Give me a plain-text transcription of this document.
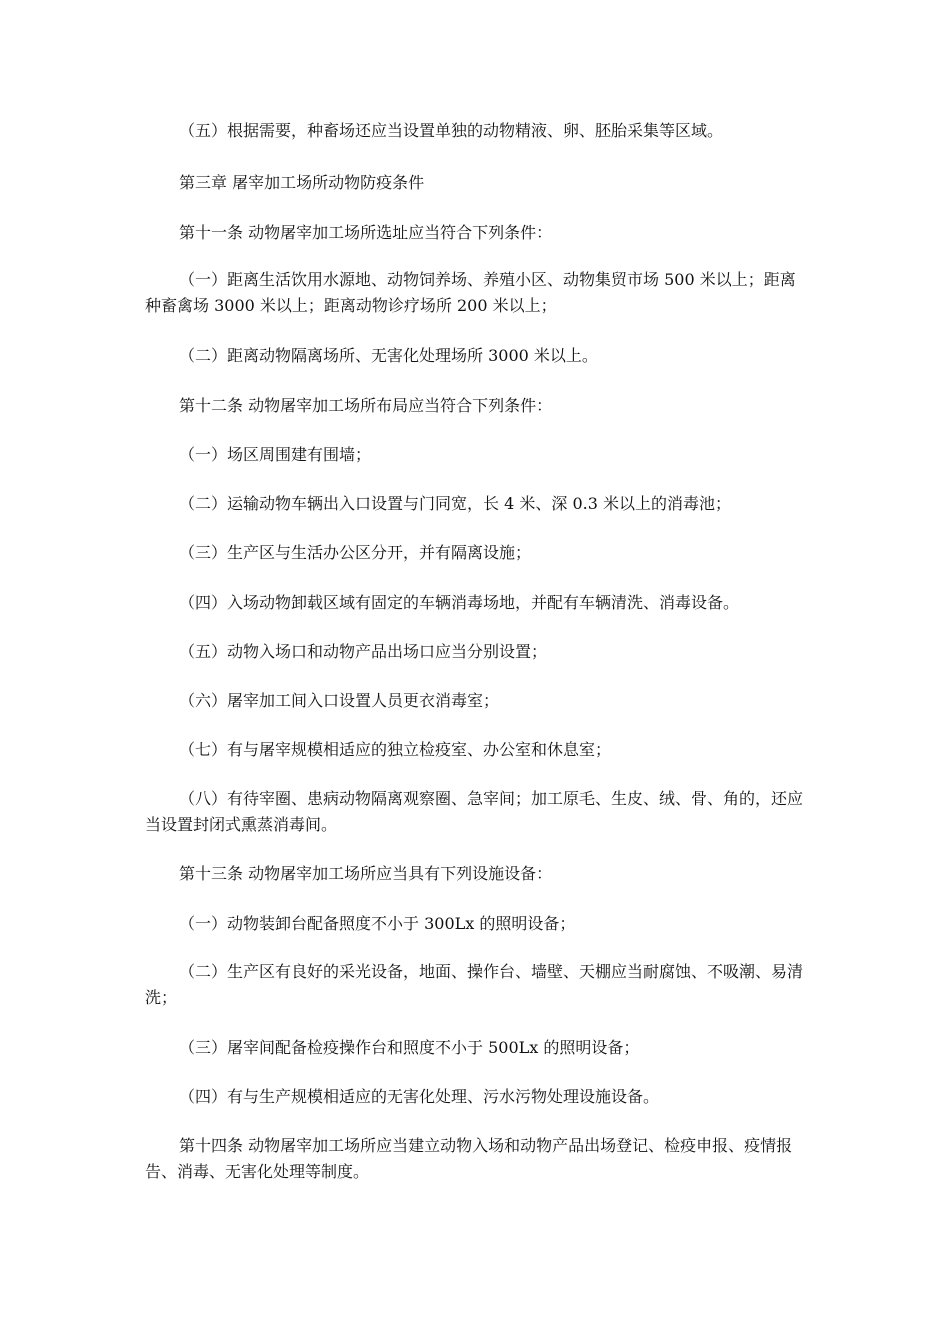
（五）根据需要，种畜场还应当设置单独的动物精液、卵、胚胎采集等区域。

第三章 屠宰加工场所动物防疫条件

第十一条 动物屠宰加工场所选址应当符合下列条件：

（一）距离生活饮用水源地、动物饲养场、养殖小区、动物集贸市场 500 米以上；距离种畜禽场 3000 米以上；距离动物诊疗场所 200 米以上；

（二）距离动物隔离场所、无害化处理场所 3000 米以上。

第十二条 动物屠宰加工场所布局应当符合下列条件：

（一）场区周围建有围墙；

（二）运输动物车辆出入口设置与门同宽，长 4 米、深 0.3 米以上的消毒池；

（三）生产区与生活办公区分开，并有隔离设施；

（四）入场动物卸载区域有固定的车辆消毒场地，并配有车辆清洗、消毒设备。

（五）动物入场口和动物产品出场口应当分别设置；

（六）屠宰加工间入口设置人员更衣消毒室；

（七）有与屠宰规模相适应的独立检疫室、办公室和休息室；

（八）有待宰圈、患病动物隔离观察圈、急宰间；加工原毛、生皮、绒、骨、角的，还应当设置封闭式熏蒸消毒间。

第十三条 动物屠宰加工场所应当具有下列设施设备：

（一）动物装卸台配备照度不小于 300Lx 的照明设备；

（二）生产区有良好的采光设备，地面、操作台、墙壁、天棚应当耐腐蚀、不吸潮、易清洗；

（三）屠宰间配备检疫操作台和照度不小于 500Lx 的照明设备；

（四）有与生产规模相适应的无害化处理、污水污物处理设施设备。

第十四条 动物屠宰加工场所应当建立动物入场和动物产品出场登记、检疫申报、疫情报告、消毒、无害化处理等制度。
